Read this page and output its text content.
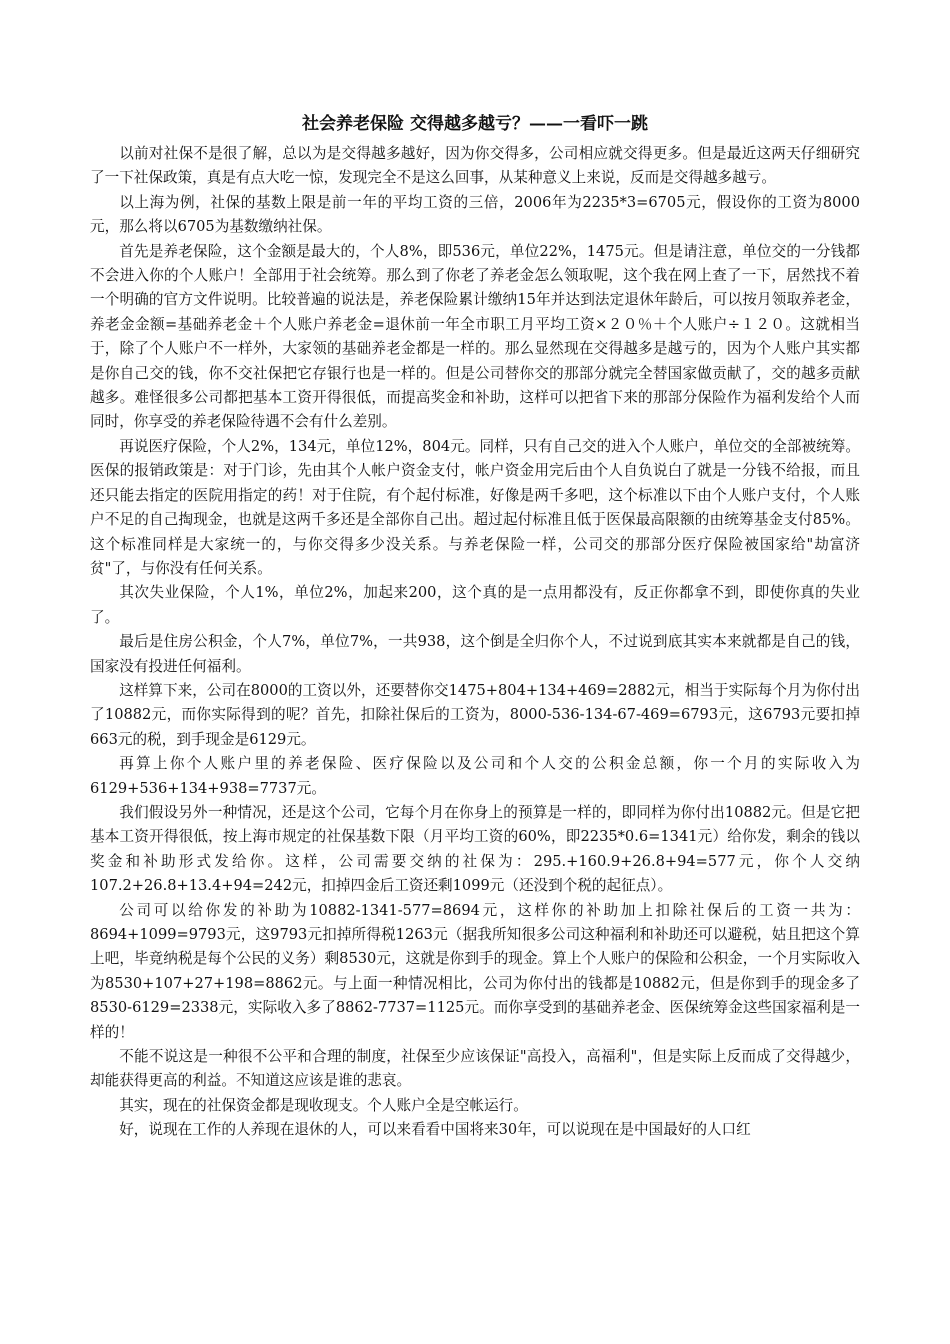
社会养老保险 交得越多越亏？——一看吓一跳

以前对社保不是很了解，总以为是交得越多越好，因为你交得多，公司相应就交得更多。但是最近这两天仔细研究了一下社保政策，真是有点大吃一惊，发现完全不是这么回事，从某种意义上来说，反而是交得越多越亏。

以上海为例，社保的基数上限是前一年的平均工资的三倍，2006年为2235*3=6705元，假设你的工资为8000元，那么将以6705为基数缴纳社保。

首先是养老保险，这个金额是最大的，个人8%，即536元，单位22%，1475元。但是请注意，单位交的一分钱都不会进入你的个人账户！全部用于社会统筹。那么到了你老了养老金怎么领取呢，这个我在网上查了一下，居然找不着一个明确的官方文件说明。比较普遍的说法是，养老保险累计缴纳15年并达到法定退休年龄后，可以按月领取养老金，养老金金额=基础养老金＋个人账户养老金=退休前一年全市职工月平均工资×２０％＋个人账户÷１２０。这就相当于，除了个人账户不一样外，大家领的基础养老金都是一样的。那么显然现在交得越多是越亏的，因为个人账户其实都是你自己交的钱，你不交社保把它存银行也是一样的。但是公司替你交的那部分就完全替国家做贡献了，交的越多贡献越多。难怪很多公司都把基本工资开得很低，而提高奖金和补助，这样可以把省下来的那部分保险作为福利发给个人而同时，你享受的养老保险待遇不会有什么差别。

再说医疗保险，个人2%，134元，单位12%，804元。同样，只有自己交的进入个人账户，单位交的全部被统筹。医保的报销政策是：对于门诊，先由其个人帐户资金支付，帐户资金用完后由个人自负说白了就是一分钱不给报，而且还只能去指定的医院用指定的药！对于住院，有个起付标准，好像是两千多吧，这个标准以下由个人账户支付，个人账户不足的自己掏现金，也就是这两千多还是全部你自己出。超过起付标准且低于医保最高限额的由统筹基金支付85%。这个标准同样是大家统一的，与你交得多少没关系。与养老保险一样，公司交的那部分医疗保险被国家给"劫富济贫"了，与你没有任何关系。

其次失业保险，个人1%，单位2%，加起来200，这个真的是一点用都没有，反正你都拿不到，即使你真的失业了。

最后是住房公积金，个人7%，单位7%，一共938，这个倒是全归你个人，不过说到底其实本来就都是自己的钱，国家没有投进任何福利。

这样算下来，公司在8000的工资以外，还要替你交1475+804+134+469=2882元，相当于实际每个月为你付出了10882元，而你实际得到的呢？首先，扣除社保后的工资为，8000-536-134-67-469=6793元，这6793元要扣掉663元的税，到手现金是6129元。

再算上你个人账户里的养老保险、医疗保险以及公司和个人交的公积金总额，你一个月的实际收入为6129+536+134+938=7737元。

我们假设另外一种情况，还是这个公司，它每个月在你身上的预算是一样的，即同样为你付出10882元。但是它把基本工资开得很低，按上海市规定的社保基数下限（月平均工资的60%，即2235*0.6=1341元）给你发，剩余的钱以奖金和补助形式发给你。这样，公司需要交纳的社保为：295.+160.9+26.8+94=577元，你个人交纳107.2+26.8+13.4+94=242元，扣掉四金后工资还剩1099元（还没到个税的起征点）。

公司可以给你发的补助为10882-1341-577=8694元，这样你的补助加上扣除社保后的工资一共为：8694+1099=9793元，这9793元扣掉所得税1263元（据我所知很多公司这种福利和补助还可以避税，姑且把这个算上吧，毕竟纳税是每个公民的义务）剩8530元，这就是你到手的现金。算上个人账户的保险和公积金，一个月实际收入为8530+107+27+198=8862元。与上面一种情况相比，公司为你付出的钱都是10882元，但是你到手的现金多了8530-6129=2338元，实际收入多了8862-7737=1125元。而你享受到的基础养老金、医保统筹金这些国家福利是一样的！

不能不说这是一种很不公平和合理的制度，社保至少应该保证"高投入，高福利"，但是实际上反而成了交得越少，却能获得更高的利益。不知道这应该是谁的悲哀。

其实，现在的社保资金都是现收现支。个人账户全是空帐运行。

好，说现在工作的人养现在退休的人，可以来看看中国将来30年，可以说现在是中国最好的人口红
